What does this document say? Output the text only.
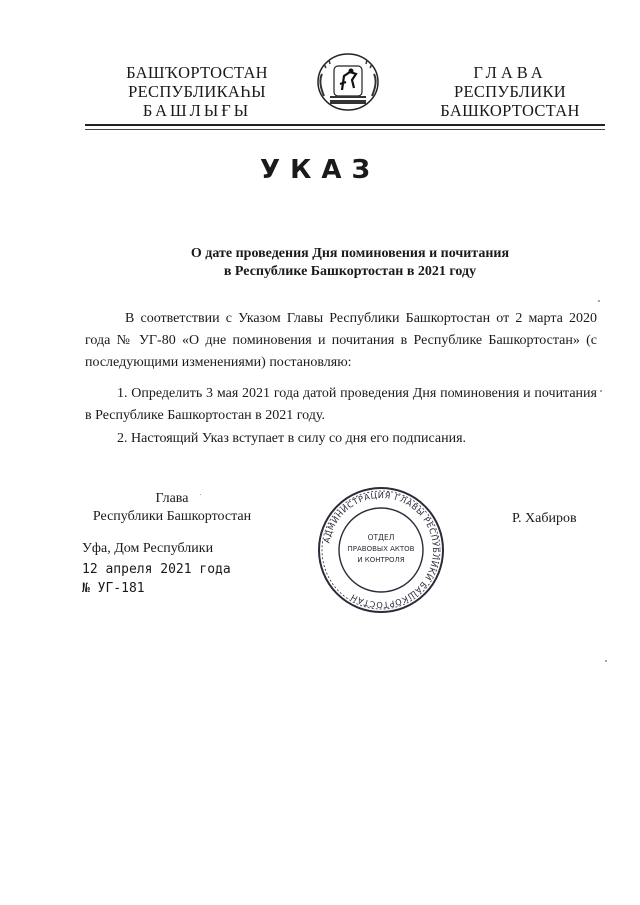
БАШҠОРТОСТАН
РЕСПУБЛИКАҺЫ
БАШЛЫҒЫ
ГЛАВА
РЕСПУБЛИКИ
БАШКОРТОСТАН
УКАЗ
О дате проведения Дня поминовения и почитания
в Республике Башкортостан в 2021 году
В соответствии с Указом Главы Республики Башкортостан от 2 марта 2020 года № УГ-80 «О дне поминовения и почитания в Республике Башкортостан» (с последующими изменениями) постановляю:
1. Определить 3 мая 2021 года датой проведения Дня поминовения и почитания в Республике Башкортостан в 2021 году.
2. Настоящий Указ вступает в силу со дня его подписания.
Глава
Республики Башкортостан	Р. Хабиров
Уфа, Дом Республики
12 апреля 2021 года
№ УГ-181
АДМИНИСТРАЦИЯ ГЛАВЫ РЕСПУБЛИКИ БАШКОРТОСТАН
ОТДЕЛ
ПРАВОВЫХ АКТОВ
И КОНТРОЛЯ
